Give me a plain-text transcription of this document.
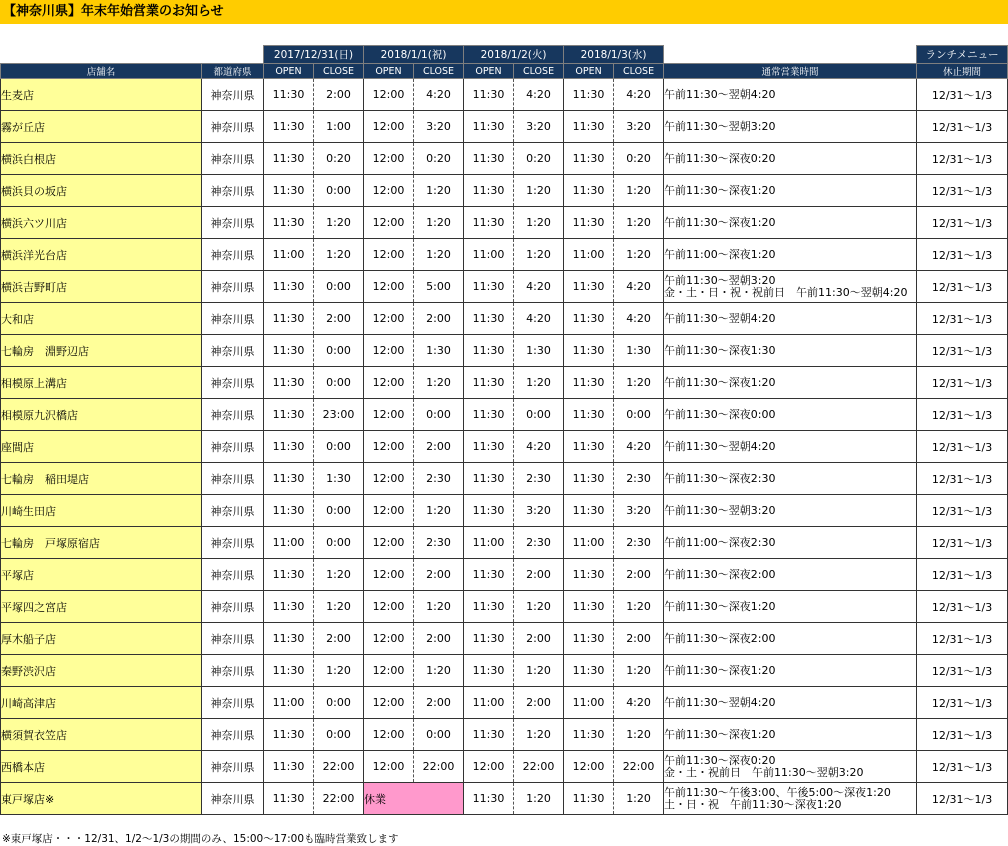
【神奈川県】年末年始営業のお知らせ
		2017/12/31(日)		2018/1/1(祝)		2018/1/2(火)		2018/1/3(水)			ランチメニュー
店舗名	都道府県	OPEN	CLOSE	OPEN	CLOSE	OPEN	CLOSE	OPEN	CLOSE	通常営業時間	休止期間
生麦店	神奈川県	11:30	2:00	12:00	4:20	11:30	4:20	11:30	4:20	午前11:30～翌朝4:20	12/31～1/3
霧が丘店	神奈川県	11:30	1:00	12:00	3:20	11:30	3:20	11:30	3:20	午前11:30～翌朝3:20	12/31～1/3
横浜白根店	神奈川県	11:30	0:20	12:00	0:20	11:30	0:20	11:30	0:20	午前11:30～深夜0:20	12/31～1/3
横浜貝の坂店	神奈川県	11:30	0:00	12:00	1:20	11:30	1:20	11:30	1:20	午前11:30～深夜1:20	12/31～1/3
横浜六ツ川店	神奈川県	11:30	1:20	12:00	1:20	11:30	1:20	11:30	1:20	午前11:30～深夜1:20	12/31～1/3
横浜洋光台店	神奈川県	11:00	1:20	12:00	1:20	11:00	1:20	11:00	1:20	午前11:00～深夜1:20	12/31～1/3
横浜吉野町店	神奈川県	11:30	0:00	12:00	5:00	11:30	4:20	11:30	4:20	午前11:30～翌朝3:20
金・土・日・祝・祝前日　午前11:30～翌朝4:20	12/31～1/3
大和店	神奈川県	11:30	2:00	12:00	2:00	11:30	4:20	11:30	4:20	午前11:30～翌朝4:20	12/31～1/3
七輪房　淵野辺店	神奈川県	11:30	0:00	12:00	1:30	11:30	1:30	11:30	1:30	午前11:30～深夜1:30	12/31～1/3
相模原上溝店	神奈川県	11:30	0:00	12:00	1:20	11:30	1:20	11:30	1:20	午前11:30～深夜1:20	12/31～1/3
相模原九沢橋店	神奈川県	11:30	23:00	12:00	0:00	11:30	0:00	11:30	0:00	午前11:30～深夜0:00	12/31～1/3
座間店	神奈川県	11:30	0:00	12:00	2:00	11:30	4:20	11:30	4:20	午前11:30～翌朝4:20	12/31～1/3
七輪房　稲田堤店	神奈川県	11:30	1:30	12:00	2:30	11:30	2:30	11:30	2:30	午前11:30～深夜2:30	12/31～1/3
川崎生田店	神奈川県	11:30	0:00	12:00	1:20	11:30	3:20	11:30	3:20	午前11:30～翌朝3:20	12/31～1/3
七輪房　戸塚原宿店	神奈川県	11:00	0:00	12:00	2:30	11:00	2:30	11:00	2:30	午前11:00～深夜2:30	12/31～1/3
平塚店	神奈川県	11:30	1:20	12:00	2:00	11:30	2:00	11:30	2:00	午前11:30～深夜2:00	12/31～1/3
平塚四之宮店	神奈川県	11:30	1:20	12:00	1:20	11:30	1:20	11:30	1:20	午前11:30～深夜1:20	12/31～1/3
厚木船子店	神奈川県	11:30	2:00	12:00	2:00	11:30	2:00	11:30	2:00	午前11:30～深夜2:00	12/31～1/3
秦野渋沢店	神奈川県	11:30	1:20	12:00	1:20	11:30	1:20	11:30	1:20	午前11:30～深夜1:20	12/31～1/3
川崎高津店	神奈川県	11:00	0:00	12:00	2:00	11:00	2:00	11:00	4:20	午前11:30～翌朝4:20	12/31～1/3
横須賀衣笠店	神奈川県	11:30	0:00	12:00	0:00	11:30	1:20	11:30	1:20	午前11:30～深夜1:20	12/31～1/3
西橋本店	神奈川県	11:30	22:00	12:00	22:00	12:00	22:00	12:00	22:00	午前11:30～深夜0:20
金・土・祝前日　午前11:30～翌朝3:20	12/31～1/3
東戸塚店※	神奈川県	11:30	22:00	休業		11:30	1:20	11:30	1:20	午前11:30～午後3:00、午後5:00～深夜1:20
土・日・祝　午前11:30～深夜1:20	12/31～1/3
※東戸塚店・・・12/31、1/2～1/3の期間のみ、15:00～17:00も臨時営業致します
